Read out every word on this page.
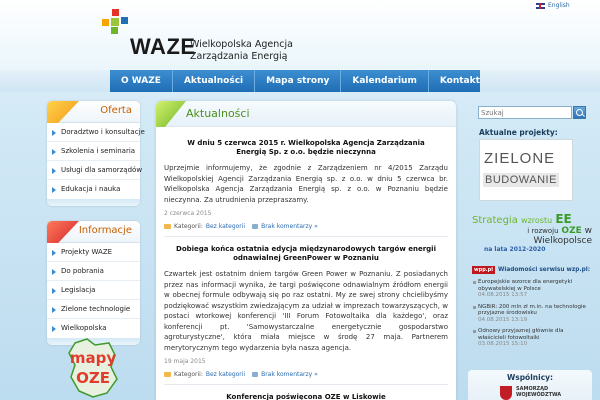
WAZE
Wielkopolska Agencja
Zarządzania Energią
English
O WAZE	Aktualności	Mapa strony	Kalendarium	Kontakt
Oferta
Doradztwo i konsultacje
Szkolenia i seminaria
Usługi dla samorządów
Edukacja i nauka
Informacje
Projekty WAZE
Do pobrania
Legislacja
Zielone technologie
Wielkopolska
mapy
OZE
Aktualności
W dniu 5 czerwca 2015 r. Wielkopolska Agencja Zarządzania Energią Sp. z o.o. będzie nieczynna
Uprzejmie informujemy, że zgodnie z Zarządzeniem nr 4/2015 Zarządu Wielkopolskiej Agencji Zarządzania Energią sp. z o.o. w dniu 5 czerwca br. Wielkopolska Agencja Zarządzania Energią sp. z o.o. w Poznaniu będzie nieczynna. Za utrudnienia przepraszamy.
2 czerwca 2015
Kategorii: Bez kategorii	Brak komentarzy »
Dobiega końca ostatnia edycja międzynarodowych targów energii odnawialnej GreenPower w Poznaniu
Czwartek jest ostatnim dniem targów Green Power w Poznaniu. Z posiadanych przez nas informacji wynika, że targi poświęcone odnawialnym źródłom energii w obecnej formule odbywają się po raz ostatni. My ze swej strony chcielibyśmy podziękować wszystkim zwiedzającym za udział w imprezach towarzyszących, w postaci wtorkowej konferencji 'III Forum Fotowoltaika dla każdego', oraz konferencji pt. 'Samowystarczalne energetycznie gospodarstwo agroturystyczne', która miała miejsce w środę 27 maja. Partnerem merytorycznym tego wydarzenia była nasza agencja.
19 maja 2015
Kategorii: Bez kategorii	Brak komentarzy »
Konferencja poświęcona OZE w Liskowie
Szukaj
Aktualne projekty:
ZIELONE
BUDOWANIE
Strategia wzrostu EE
i rozwoju OZE w Wielkopolsce
na lata 2012-2020
wpp.pl Wiadomości serwisu wzp.pl:
Europejskie wzorce dla energetyki obywatelskiej w Polsce
04.08.2015 13:57
NGBiR: 200 mln zł m.in. na technologie przyjazne środowisku
04.08.2015 13:19
Odnowy przyjaznej głównie dla właścicieli fotowoltaiki
03.08.2015 15:10
Wspólnicy:
SAMORZĄD
WOJEWÓDZTWA
